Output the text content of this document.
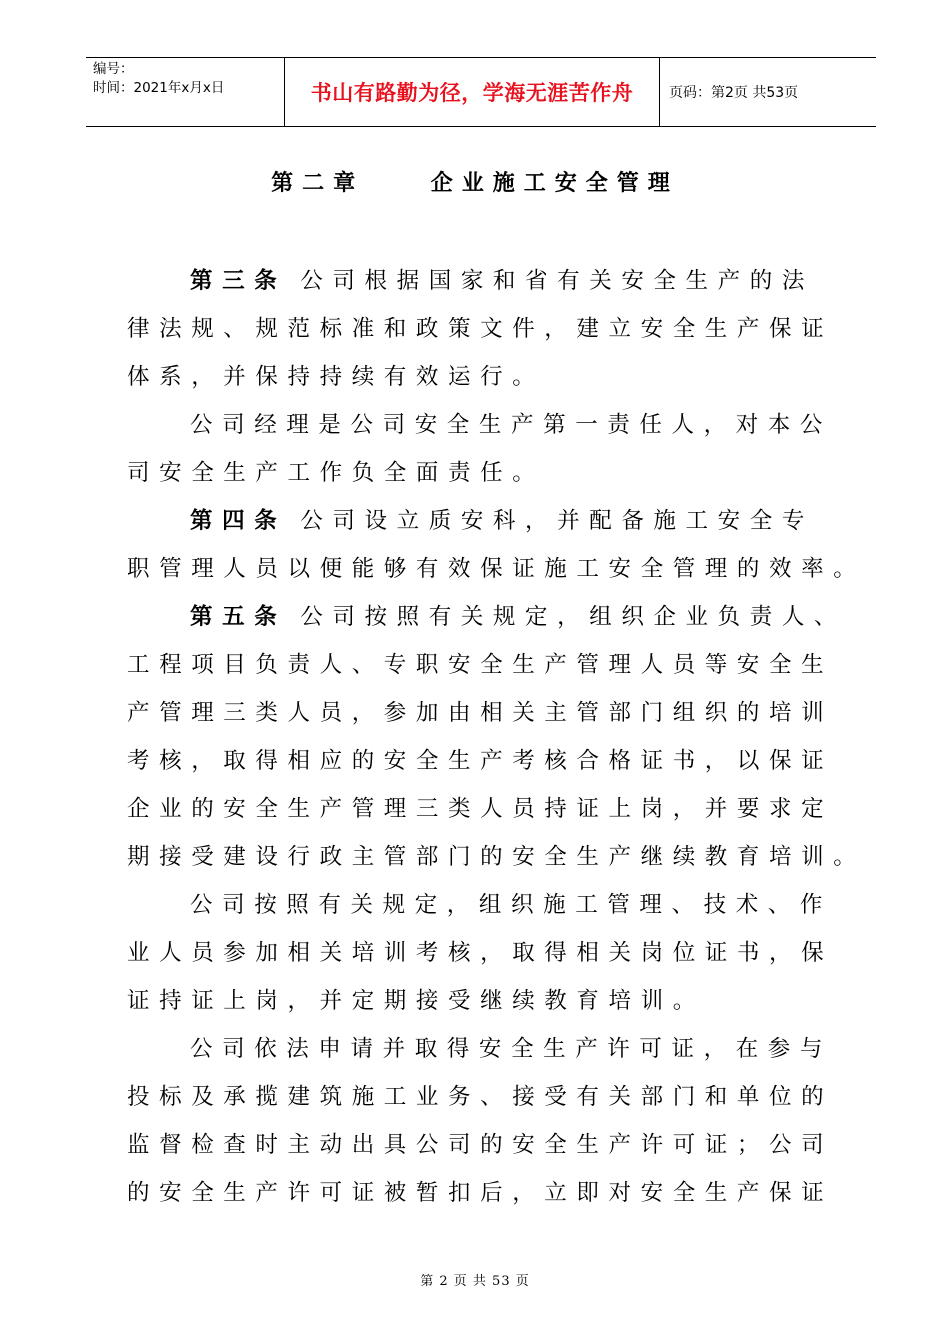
编号：
时间：2021年x月x日	书山有路勤为径，学海无涯苦作舟	页码：第2页 共53页
第二章    企业施工安全管理
第三条 公司根据国家和省有关安全生产的法
律法规、规范标准和政策文件，建立安全生产保证
体系，并保持持续有效运行。
公司经理是公司安全生产第一责任人，对本公
司安全生产工作负全面责任。
第四条 公司设立质安科，并配备施工安全专
职管理人员以便能够有效保证施工安全管理的效率。
第五条 公司按照有关规定，组织企业负责人、
工程项目负责人、专职安全生产管理人员等安全生
产管理三类人员，参加由相关主管部门组织的培训
考核，取得相应的安全生产考核合格证书，以保证
企业的安全生产管理三类人员持证上岗，并要求定
期接受建设行政主管部门的安全生产继续教育培训。
公司按照有关规定，组织施工管理、技术、作
业人员参加相关培训考核，取得相关岗位证书，保
证持证上岗，并定期接受继续教育培训。
公司依法申请并取得安全生产许可证，在参与
投标及承揽建筑施工业务、接受有关部门和单位的
监督检查时主动出具公司的安全生产许可证；公司
的安全生产许可证被暂扣后，立即对安全生产保证
第 2 页 共 53 页
